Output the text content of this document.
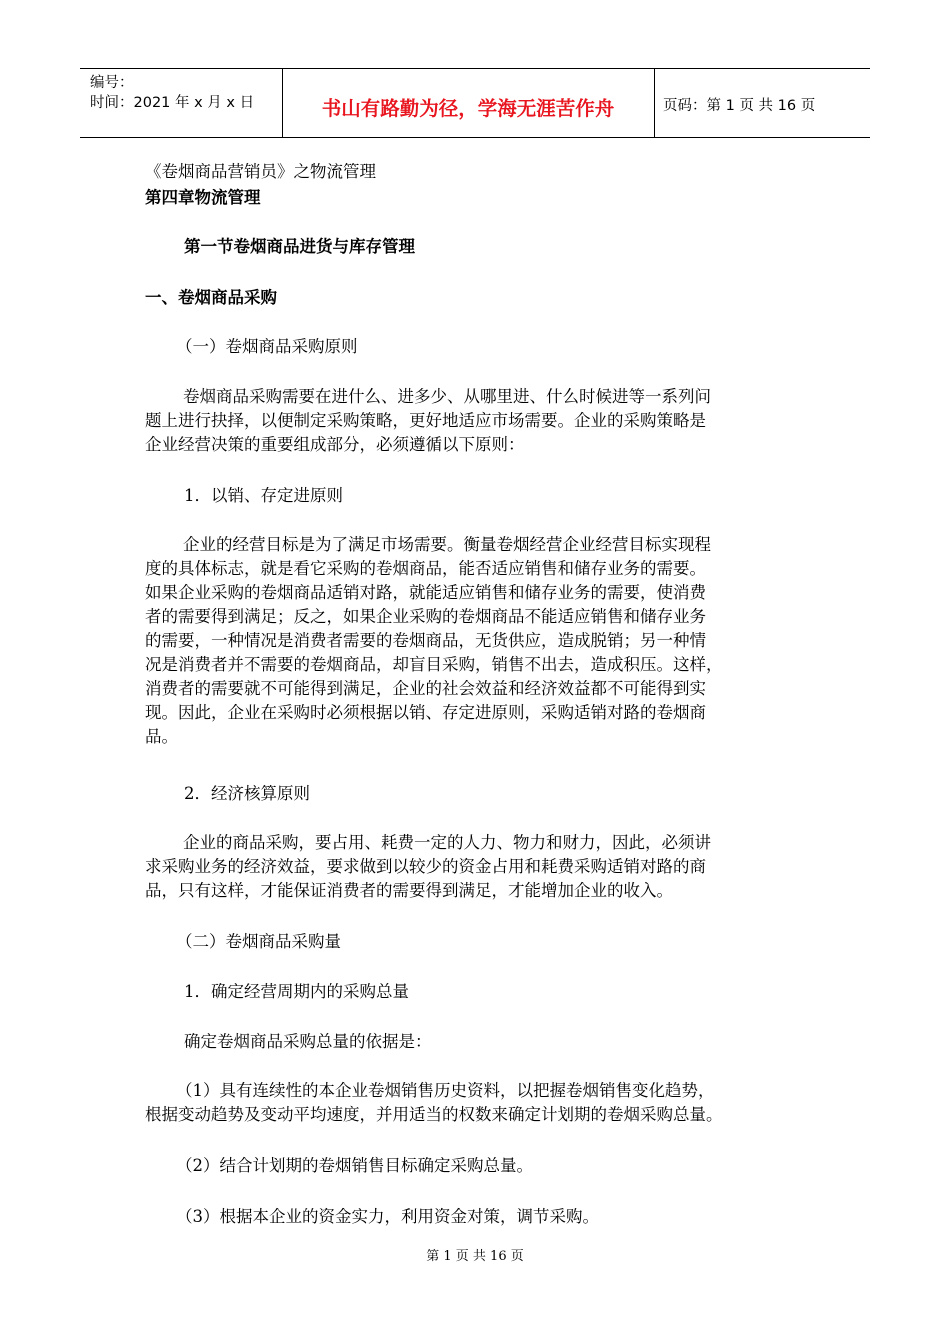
编号：
时间：2021 年 x 月 x 日	书山有路勤为径，学海无涯苦作舟	页码：第 1 页 共 16 页
《卷烟商品营销员》之物流管理
第四章物流管理
第一节卷烟商品进货与库存管理
一、卷烟商品采购
（一）卷烟商品采购原则
卷烟商品采购需要在进什么、进多少、从哪里进、什么时候进等一系列问
题上进行抉择，以便制定采购策略，更好地适应市场需要。企业的采购策略是
企业经营决策的重要组成部分，必须遵循以下原则：
1．以销、存定进原则
企业的经营目标是为了满足市场需要。衡量卷烟经营企业经营目标实现程
度的具体标志，就是看它采购的卷烟商品，能否适应销售和储存业务的需要。
如果企业采购的卷烟商品适销对路，就能适应销售和储存业务的需要，使消费
者的需要得到满足；反之，如果企业采购的卷烟商品不能适应销售和储存业务
的需要，一种情况是消费者需要的卷烟商品，无货供应，造成脱销；另一种情
况是消费者并不需要的卷烟商品，却盲目采购，销售不出去，造成积压。这样，
消费者的需要就不可能得到满足，企业的社会效益和经济效益都不可能得到实
现。因此，企业在采购时必须根据以销、存定进原则，采购适销对路的卷烟商
品。
2．经济核算原则
企业的商品采购，要占用、耗费一定的人力、物力和财力，因此，必须讲
求采购业务的经济效益，要求做到以较少的资金占用和耗费采购适销对路的商
品，只有这样，才能保证消费者的需要得到满足，才能增加企业的收入。
（二）卷烟商品采购量
1．确定经营周期内的采购总量
确定卷烟商品采购总量的依据是：
（1）具有连续性的本企业卷烟销售历史资料，以把握卷烟销售变化趋势，
根据变动趋势及变动平均速度，并用适当的权数来确定计划期的卷烟采购总量。
（2）结合计划期的卷烟销售目标确定采购总量。
（3）根据本企业的资金实力，利用资金对策，调节采购。
第 1 页 共 16 页
